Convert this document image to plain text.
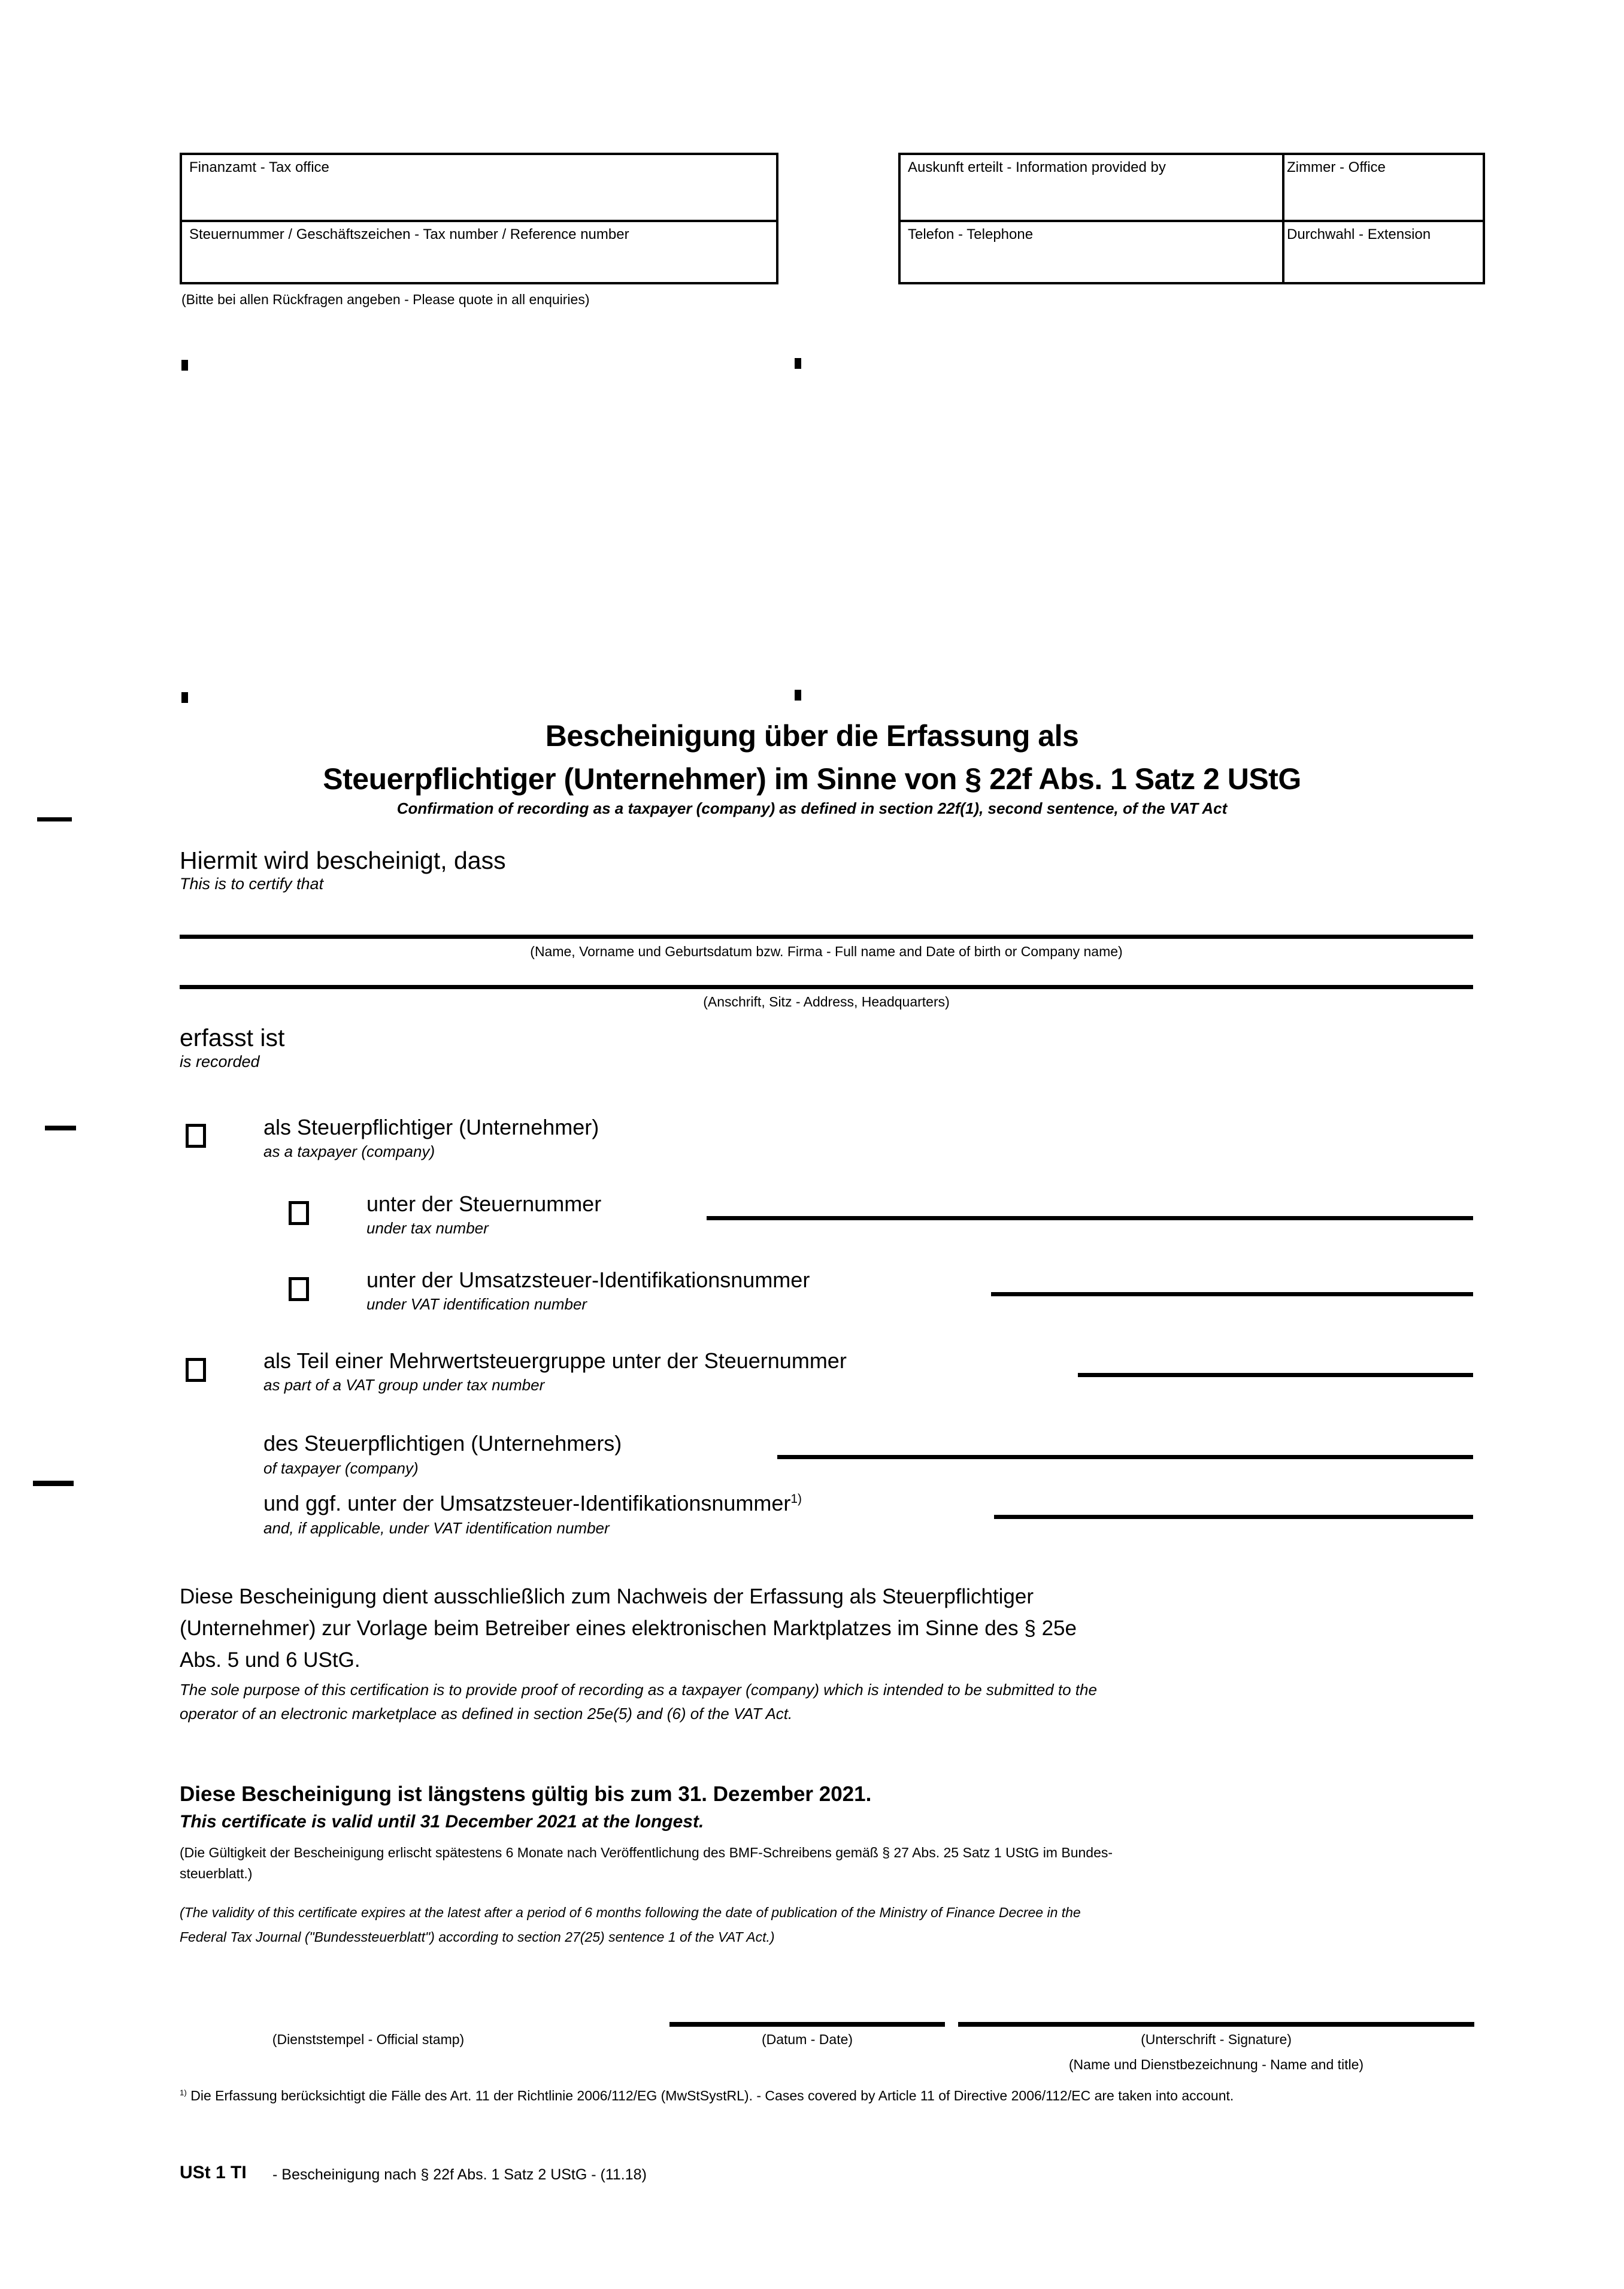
Finanzamt - Tax office
Steuernummer / Geschäftszeichen - Tax number / Reference number
(Bitte bei allen Rückfragen angeben - Please quote in all enquiries)
Auskunft erteilt - Information provided by	Zimmer - Office
Telefon - Telephone	Durchwahl - Extension
Bescheinigung über die Erfassung als
Steuerpflichtiger (Unternehmer) im Sinne von § 22f Abs. 1 Satz 2 UStG
Confirmation of recording as a taxpayer (company) as defined in section 22f(1), second sentence, of the VAT Act
Hiermit wird bescheinigt, dass
This is to certify that
(Name, Vorname und Geburtsdatum bzw. Firma - Full name and Date of birth or Company name)
(Anschrift, Sitz - Address, Headquarters)
erfasst ist
is recorded
als Steuerpflichtiger (Unternehmer)
as a taxpayer (company)
unter der Steuernummer
under tax number
unter der Umsatzsteuer-Identifikationsnummer
under VAT identification number
als Teil einer Mehrwertsteuergruppe unter der Steuernummer
as part of a VAT group under tax number
des Steuerpflichtigen (Unternehmers)
of taxpayer (company)
und ggf. unter der Umsatzsteuer-Identifikationsnummer$^{1)}$
and, if applicable, under VAT identification number
Diese Bescheinigung dient ausschließlich zum Nachweis der Erfassung als Steuerpflichtiger
(Unternehmer) zur Vorlage beim Betreiber eines elektronischen Marktplatzes im Sinne des § 25e
Abs. 5 und 6 UStG.
The sole purpose of this certification is to provide proof of recording as a taxpayer (company) which is intended to be submitted to the
operator of an electronic marketplace as defined in section 25e(5) and (6) of the VAT Act.
Diese Bescheinigung ist längstens gültig bis zum 31. Dezember 2021.
This certificate is valid until 31 December 2021 at the longest.
(Die Gültigkeit der Bescheinigung erlischt spätestens 6 Monate nach Veröffentlichung des BMF-Schreibens gemäß § 27 Abs. 25 Satz 1 UStG im Bundes-
steuerblatt.)
(The validity of this certificate expires at the latest after a period of 6 months following the date of publication of the Ministry of Finance Decree in the
Federal Tax Journal ("Bundessteuerblatt") according to section 27(25) sentence 1 of the VAT Act.)
(Dienststempel - Official stamp)	(Datum - Date)	(Unterschrift - Signature)
(Name und Dienstbezeichnung - Name and title)
$^{1)}$ Die Erfassung berücksichtigt die Fälle des Art. 11 der Richtlinie 2006/112/EG (MwStSystRL). - Cases covered by Article 11 of Directive 2006/112/EC are taken into account.
USt 1 TI - Bescheinigung nach § 22f Abs. 1 Satz 2 UStG - (11.18)
